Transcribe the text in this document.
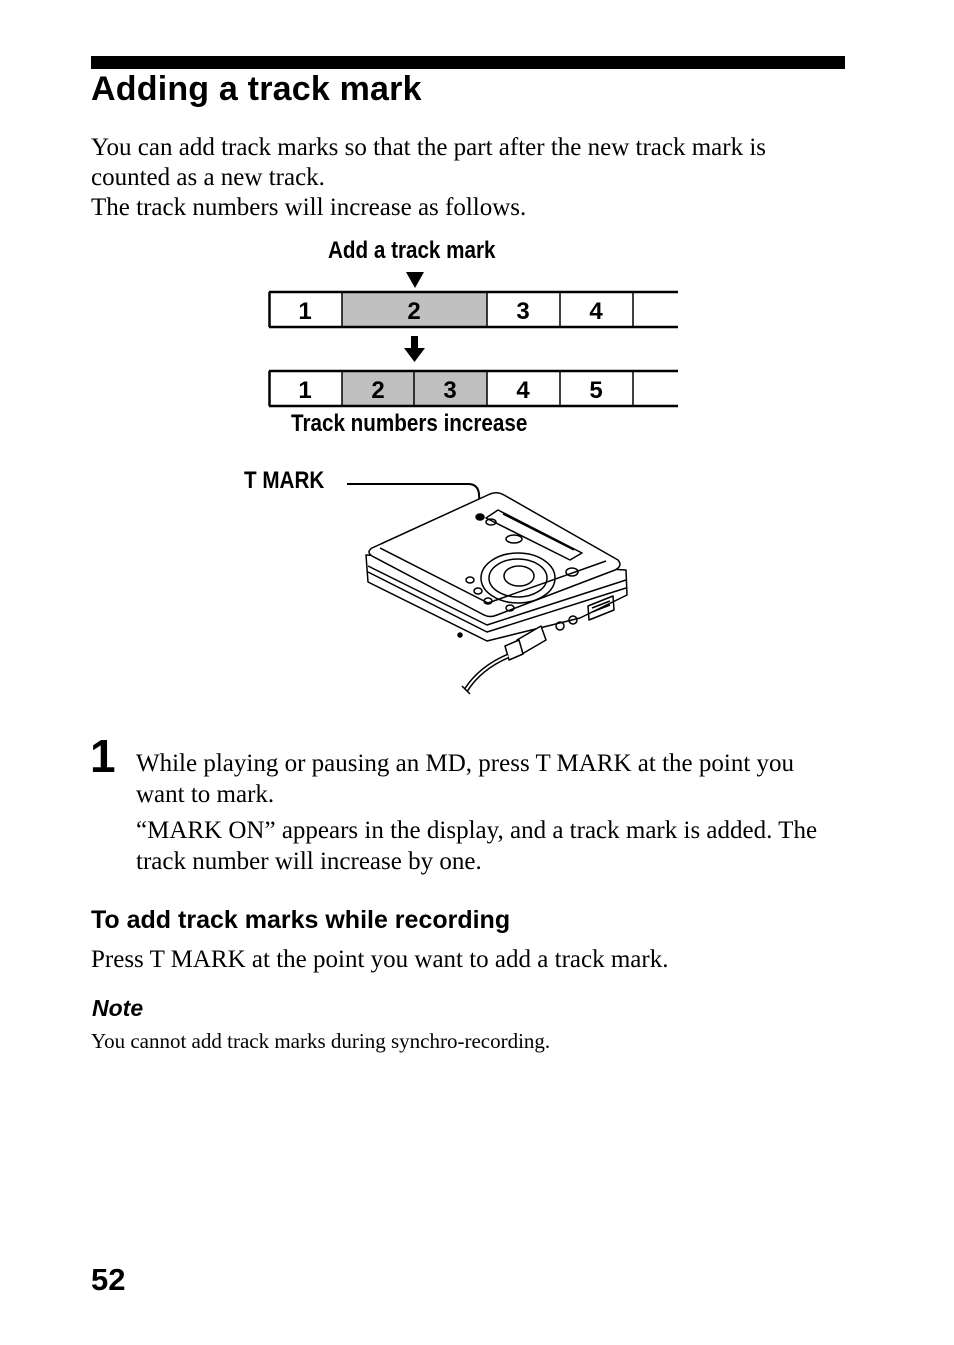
Adding a track mark

You can add track marks so that the part after the new track mark is counted as a new track.

The track numbers will increase as follows.

Add a track mark
1	2	3 4
1 2 3 4 5
Track numbers increase
T MARK
1 While playing or pausing an MD, press T MARK at the point you want to mark.

“MARK ON” appears in the display, and a track mark is added. The track number will increase by one.

To add track marks while recording

Press T MARK at the point you want to add a track mark.

Note

You cannot add track marks during synchro-recording.

52
